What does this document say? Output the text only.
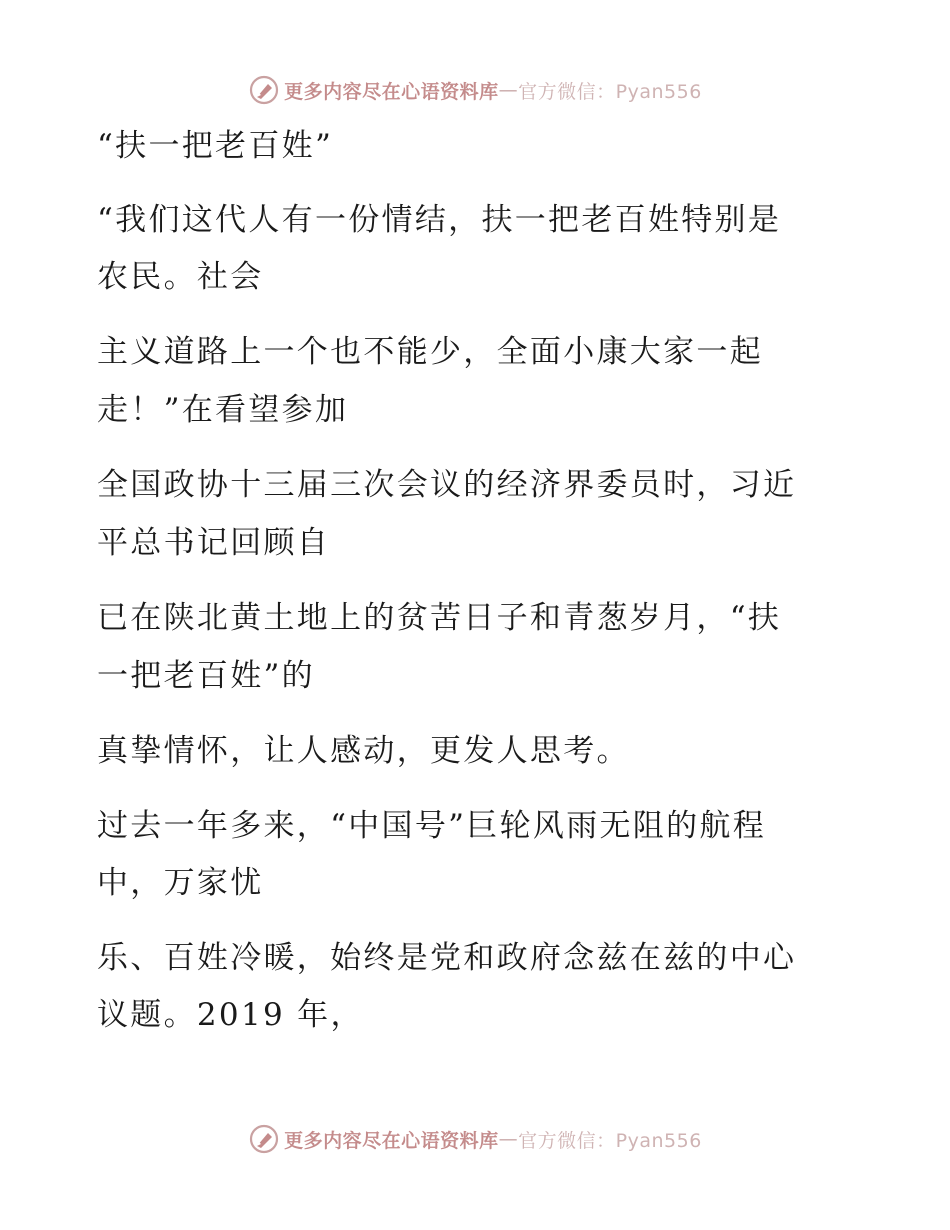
更多内容尽在心语资料库 — 官方微信：Pyan556
“扶一把老百姓”
“我们这代人有一份情结，扶一把老百姓特别是
农民。社会
主义道路上一个也不能少，全面小康大家一起
走！”在看望参加
全国政协十三届三次会议的经济界委员时，习近
平总书记回顾自
已在陕北黄土地上的贫苦日子和青葱岁月，“扶
一把老百姓”的
真挚情怀，让人感动，更发人思考。
过去一年多来，“中国号”巨轮风雨无阻的航程
中，万家忧
乐、百姓冷暖，始终是党和政府念兹在兹的中心
议题。2019 年，
更多内容尽在心语资料库 — 官方微信：Pyan556
